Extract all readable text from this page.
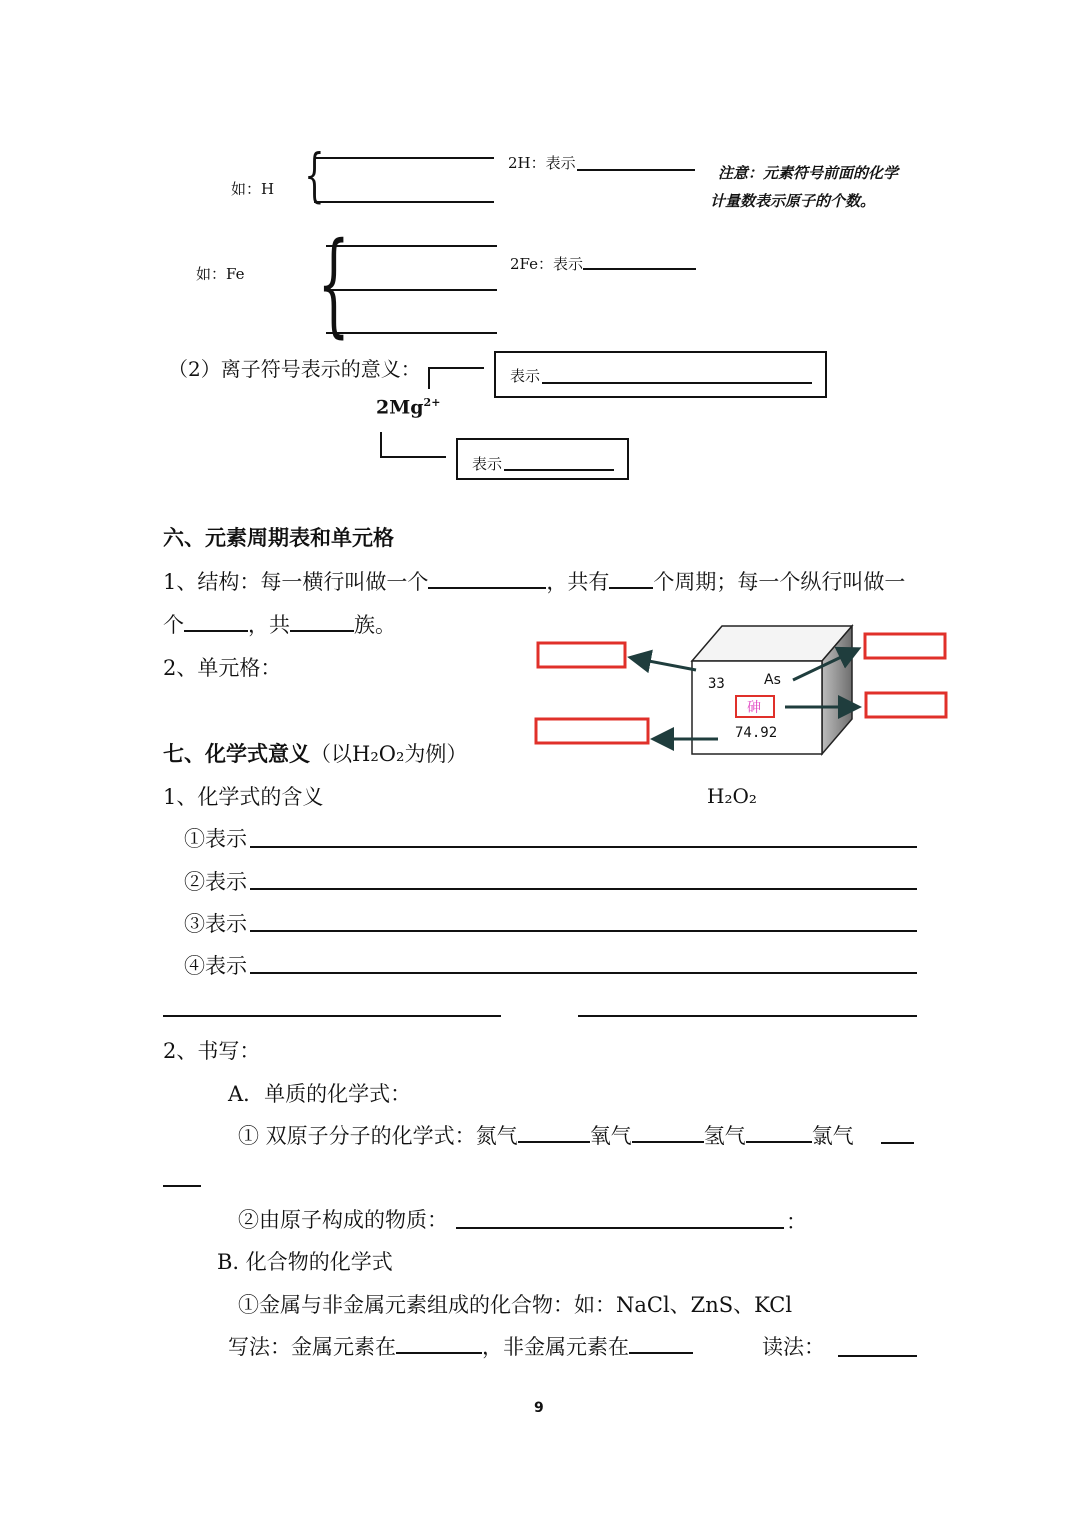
如：H {	2H：表示
注意：元素符号前面的化学
计量数表示原子的个数。
如：Fe {	2Fe：表示
（2）离子符号表示的意义：	表示
$2Mg^{2+}$
表示
六、元素周期表和单元格
1、结构：每一横行叫做一个	，共有 个周期；每一个纵行叫做一
个	，共	族。
2、单元格：
33	As
砷
74.92
七、化学式意义（以H₂O₂为例）
1、化学式的含义	H₂O₂
①表示
②表示
③表示
④表示
2、书写：
A．单质的化学式：
① 双原子分子的化学式：氮气	氧气	氢气	氯气
②由原子构成的物质：	：
B. 化合物的化学式
①金属与非金属元素组成的化合物：如：NaCl、ZnS、KCl
写法：金属元素在	，非金属元素在	读法：
9
